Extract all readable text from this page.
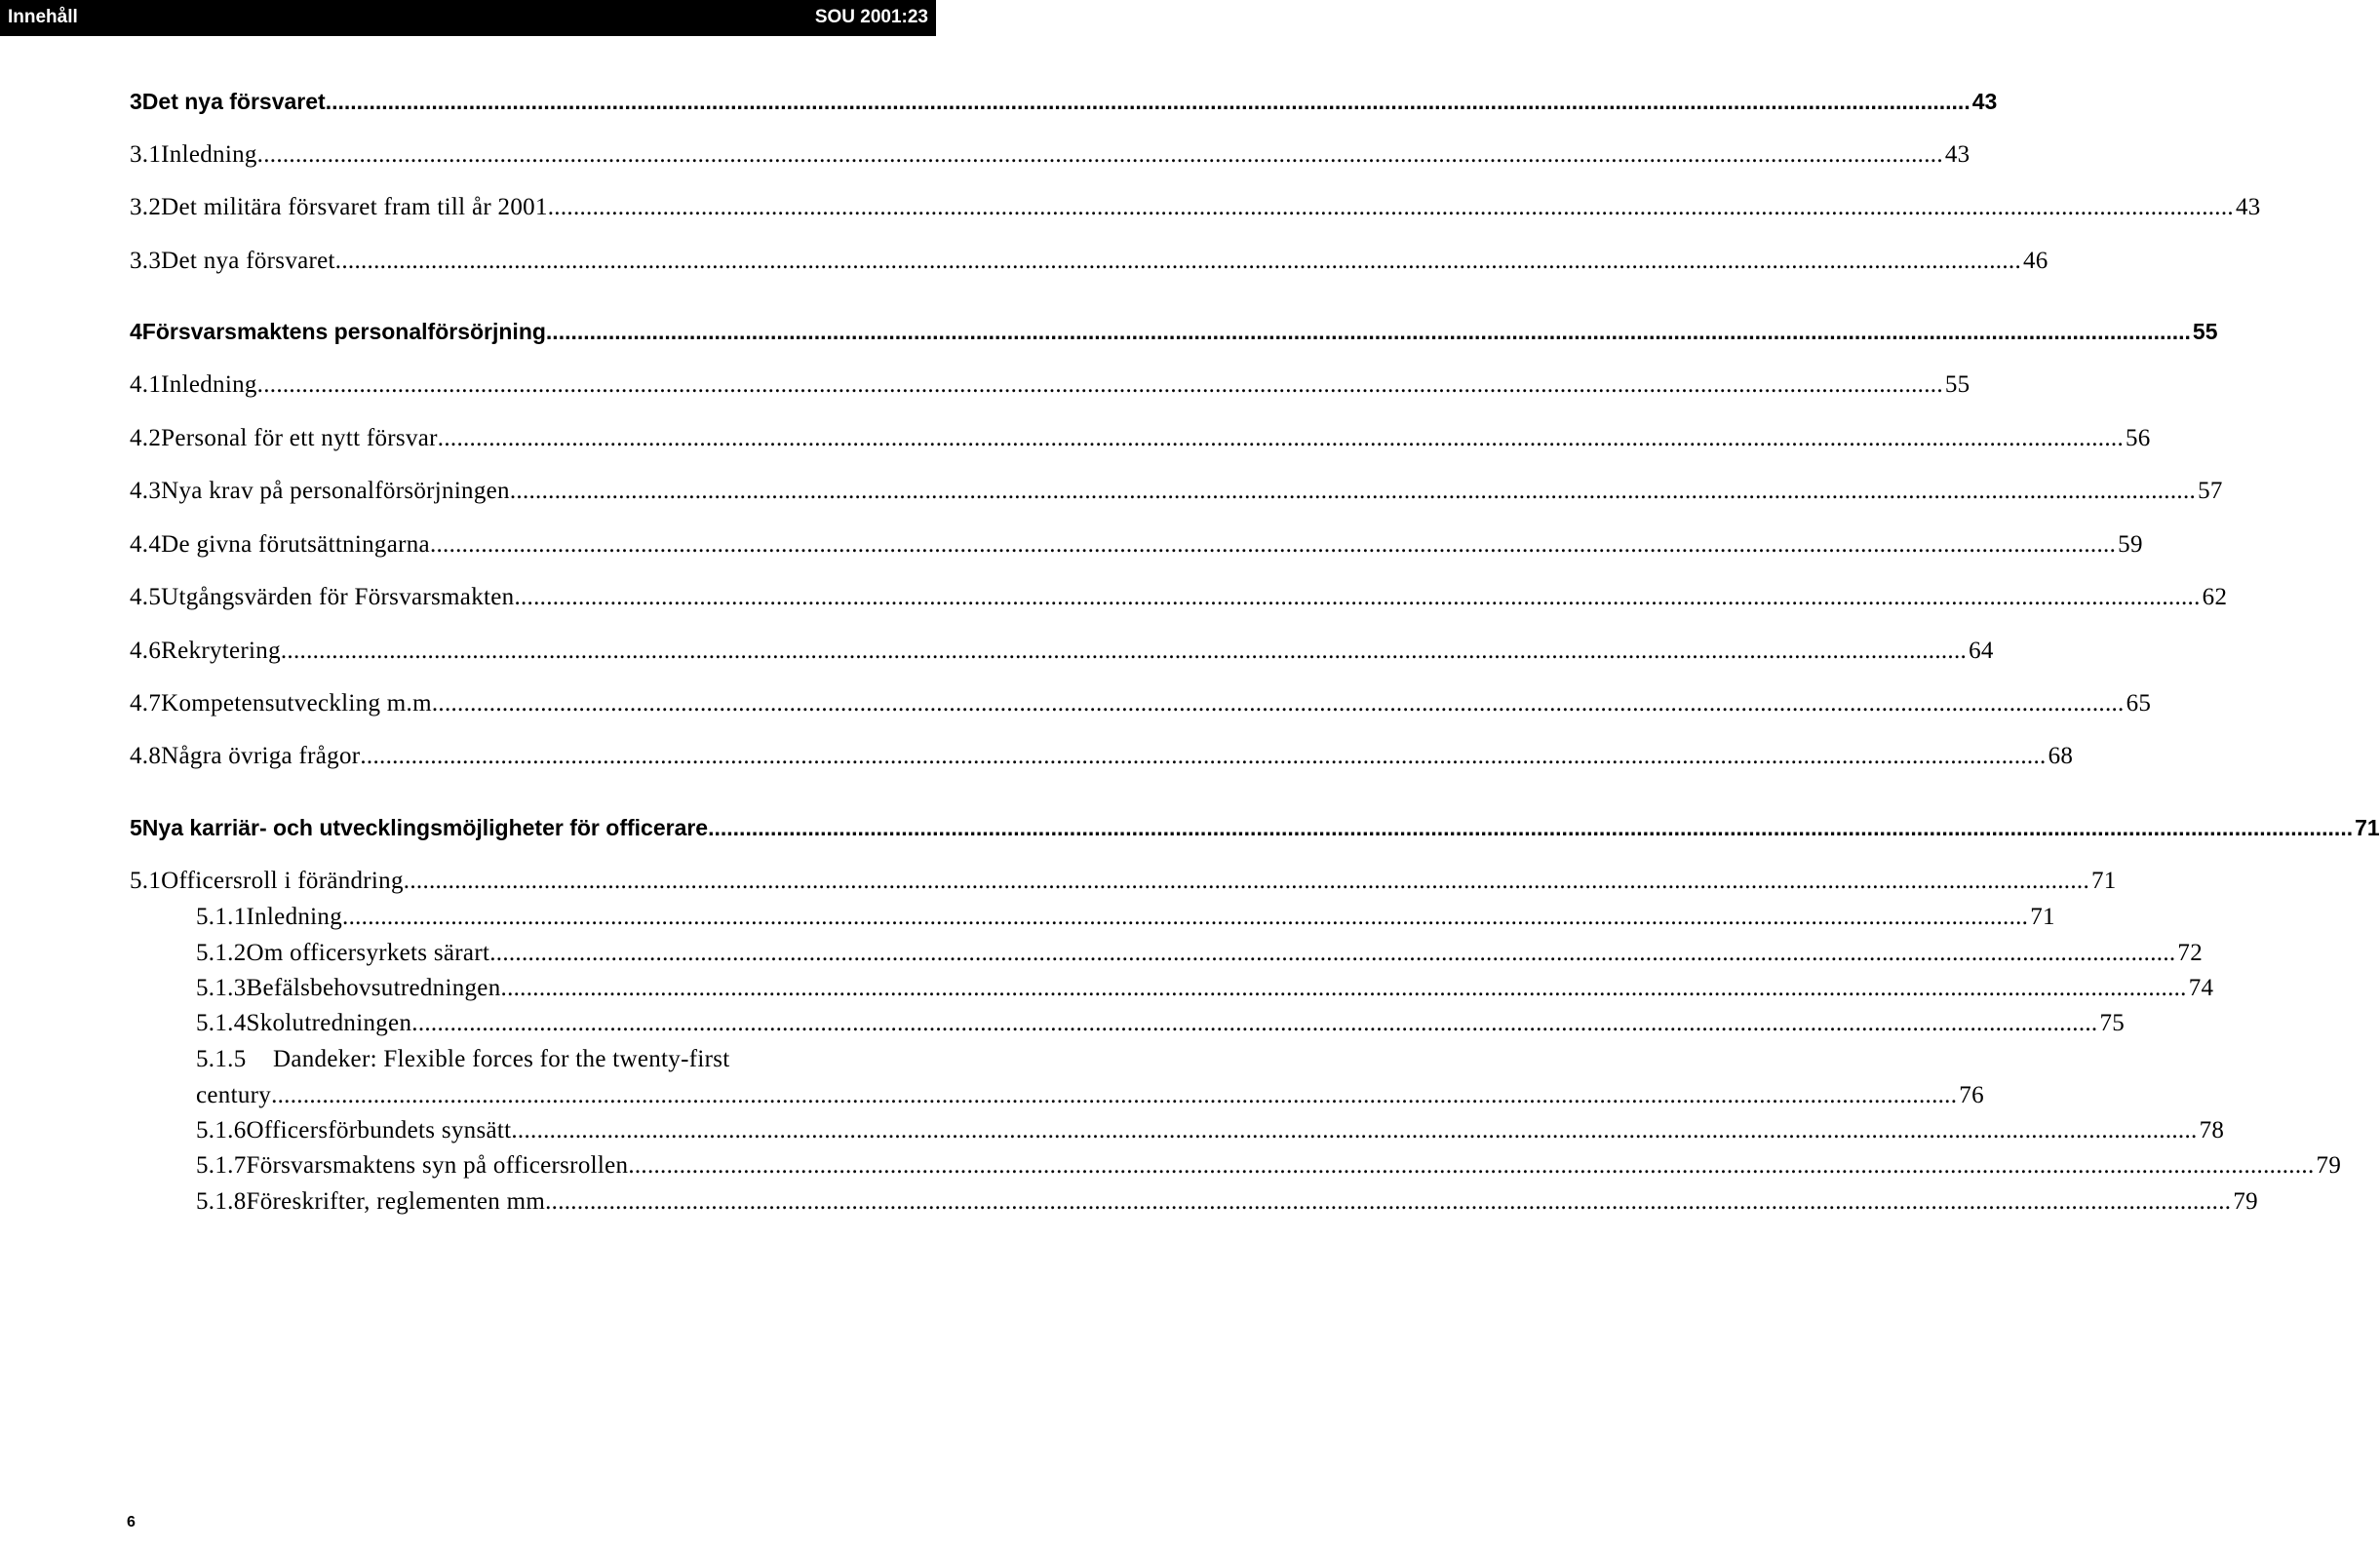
Innehåll	SOU 2001:23
3 Det nya försvaret .....	43
3.1 Inledning .....	43
3.2 Det militära försvaret fram till år 2001 .....	43
3.3 Det nya försvaret .....	46
4 Försvarsmaktens personalförsörjning .....	55
4.1 Inledning .....	55
4.2 Personal för ett nytt försvar .....	56
4.3 Nya krav på personalförsörjningen .....	57
4.4 De givna förutsättningarna .....	59
4.5 Utgångsvärden för Försvarsmakten .....	62
4.6 Rekrytering .....	64
4.7 Kompetensutveckling m.m. .....	65
4.8 Några övriga frågor .....	68
5 Nya karriär- och utvecklingsmöjligheter för officerare .....	71
5.1 Officersroll i förändring .....	71
5.1.1 Inledning .....	71
5.1.2 Om officersyrkets särart .....	72
5.1.3 Befälsbehovsutredningen .....	74
5.1.4 Skolutredningen .....	75
5.1.5	Dandeker: Flexible forces for the twenty-first
century .....	76
5.1.6 Officersförbundets synsätt .....	78
5.1.7 Försvarsmaktens syn på officersrollen .....	79
5.1.8 Föreskrifter, reglementen mm .....	79
6
